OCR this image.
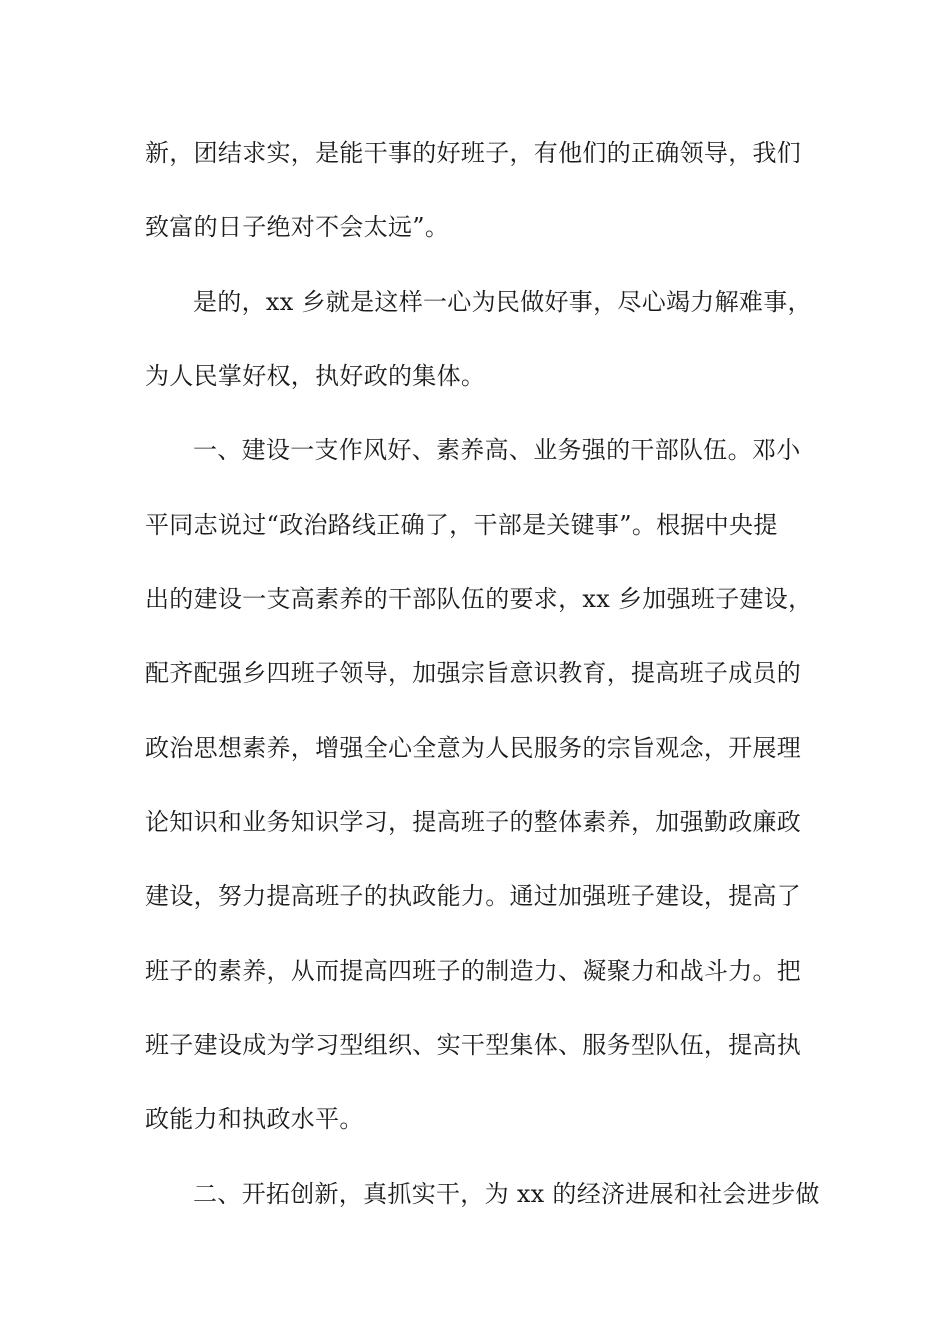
新，团结求实，是能干事的好班子，有他们的正确领导，我们
致富的日子绝对不会太远”。
是的，xx 乡就是这样一心为民做好事，尽心竭力解难事，
为人民掌好权，执好政的集体。
一、建设一支作风好、素养高、业务强的干部队伍。邓小
平同志说过“政治路线正确了，干部是关键事”。根据中央提
出的建设一支高素养的干部队伍的要求，xx 乡加强班子建设，
配齐配强乡四班子领导，加强宗旨意识教育，提高班子成员的
政治思想素养，增强全心全意为人民服务的宗旨观念，开展理
论知识和业务知识学习，提高班子的整体素养，加强勤政廉政
建设，努力提高班子的执政能力。通过加强班子建设，提高了
班子的素养，从而提高四班子的制造力、凝聚力和战斗力。把
班子建设成为学习型组织、实干型集体、服务型队伍，提高执
政能力和执政水平。
二、开拓创新，真抓实干，为 xx 的经济进展和社会进步做
